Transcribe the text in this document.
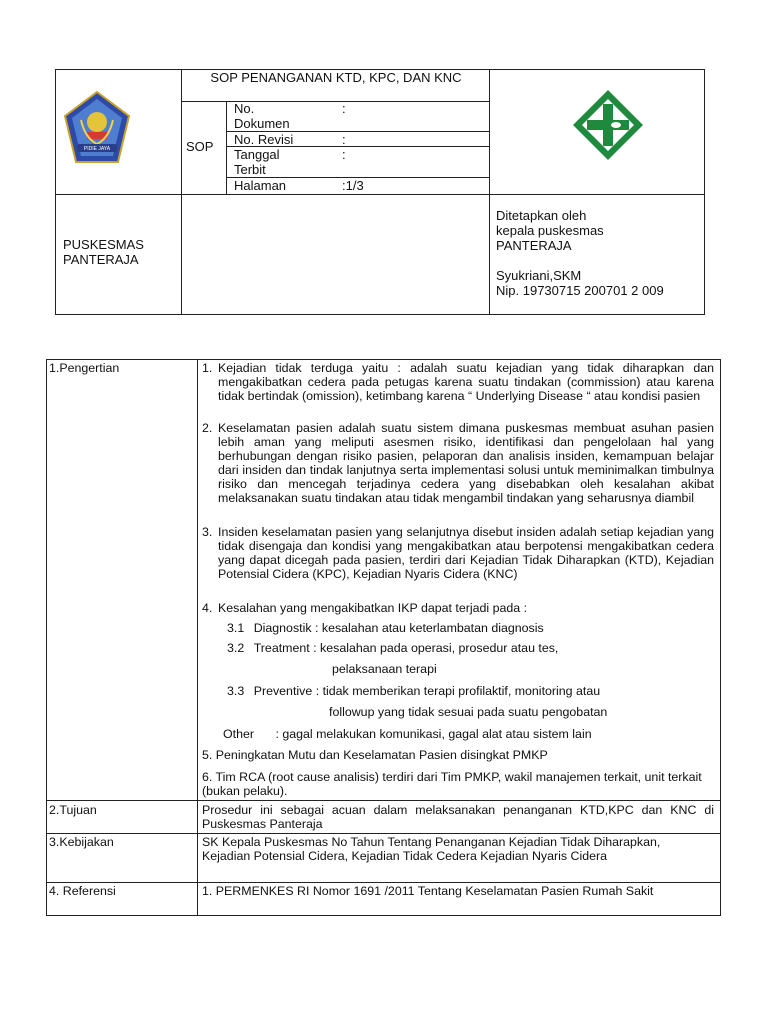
PIDIE JAYA
SOP PENANGANAN KTD, KPC, DAN KNC
SOP
No.
Dokumen
:
No. Revisi	:
Tanggal
Terbit
:
Halaman	:1/3
PUSKESMAS PANTERAJA
Ditetapkan oleh
kepala puskesmas
PANTERAJA
Syukriani,SKM
Nip. 19730715 200701 2 009
1.Pengertian
2.Tujuan
3.Kebijakan
4. Referensi
1. Kejadian tidak terduga yaitu : adalah suatu kejadian yang tidak diharapkan dan mengakibatkan cedera pada petugas karena suatu tindakan (commission) atau karena tidak bertindak (omission), ketimbang karena “ Underlying Disease “ atau kondisi pasien
2. Keselamatan pasien adalah suatu sistem dimana puskesmas membuat asuhan pasien lebih aman yang meliputi asesmen risiko, identifikasi dan pengelolaan hal yang berhubungan dengan risiko pasien, pelaporan dan analisis insiden, kemampuan belajar dari insiden dan tindak lanjutnya serta implementasi solusi untuk meminimalkan timbulnya risiko dan mencegah terjadinya cedera yang disebabkan oleh kesalahan akibat melaksanakan suatu tindakan atau tidak mengambil tindakan yang seharusnya diambil
3. Insiden keselamatan pasien yang selanjutnya disebut insiden adalah setiap kejadian yang tidak disengaja dan kondisi yang mengakibatkan atau berpotensi mengakibatkan cedera yang dapat dicegah pada pasien, terdiri dari Kejadian Tidak Diharapkan (KTD), Kejadian Potensial Cidera (KPC), Kejadian Nyaris Cidera (KNC)
4. Kesalahan yang mengakibatkan IKP dapat terjadi pada :
3.1 Diagnostik : kesalahan atau keterlambatan diagnosis
3.2 Treatment : kesalahan pada operasi, prosedur atau tes,
pelaksanaan terapi
3.3 Preventive : tidak memberikan terapi profilaktif, monitoring atau
followup yang tidak sesuai pada suatu pengobatan
Other : gagal melakukan komunikasi, gagal alat atau sistem lain
5. Peningkatan Mutu dan Keselamatan Pasien disingkat PMKP
6. Tim RCA (root cause analisis) terdiri dari Tim PMKP, wakil manajemen terkait, unit terkait (bukan pelaku).
Prosedur ini sebagai acuan dalam melaksanakan penanganan KTD,KPC dan KNC di Puskesmas Panteraja
SK Kepala Puskesmas No Tahun Tentang Penanganan Kejadian Tidak Diharapkan, Kejadian Potensial Cidera, Kejadian Tidak Cedera Kejadian Nyaris Cidera
1. PERMENKES RI Nomor 1691 /2011 Tentang Keselamatan Pasien Rumah Sakit
